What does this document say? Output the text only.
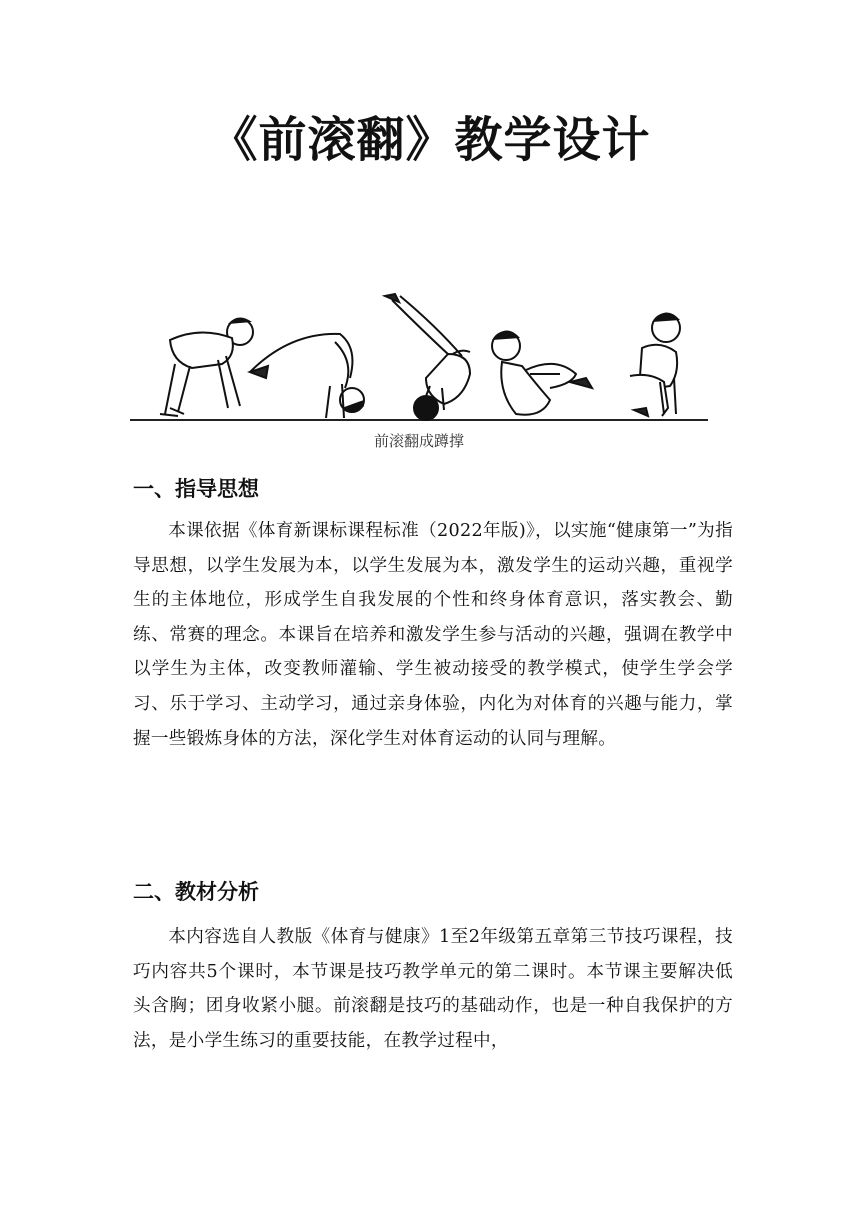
《前滚翻》教学设计
前滚翻成蹲撑
一、指导思想

本课依据《体育新课标课程标准（2022年版)》，以实施“健康第一”为指导思想，以学生发展为本，以学生发展为本，激发学生的运动兴趣，重视学生的主体地位，形成学生自我发展的个性和终身体育意识，落实教会、勤练、常赛的理念。本课旨在培养和激发学生参与活动的兴趣，强调在教学中以学生为主体，改变教师灌输、学生被动接受的教学模式，使学生学会学习、乐于学习、主动学习，通过亲身体验，内化为对体育的兴趣与能力，掌握一些锻炼身体的方法，深化学生对体育运动的认同与理解。

二、教材分析

本内容选自人教版《体育与健康》1至2年级第五章第三节技巧课程，技巧内容共5个课时，本节课是技巧教学单元的第二课时。本节课主要解决低头含胸；团身收紧小腿。前滚翻是技巧的基础动作，也是一种自我保护的方法，是小学生练习的重要技能，在教学过程中，
